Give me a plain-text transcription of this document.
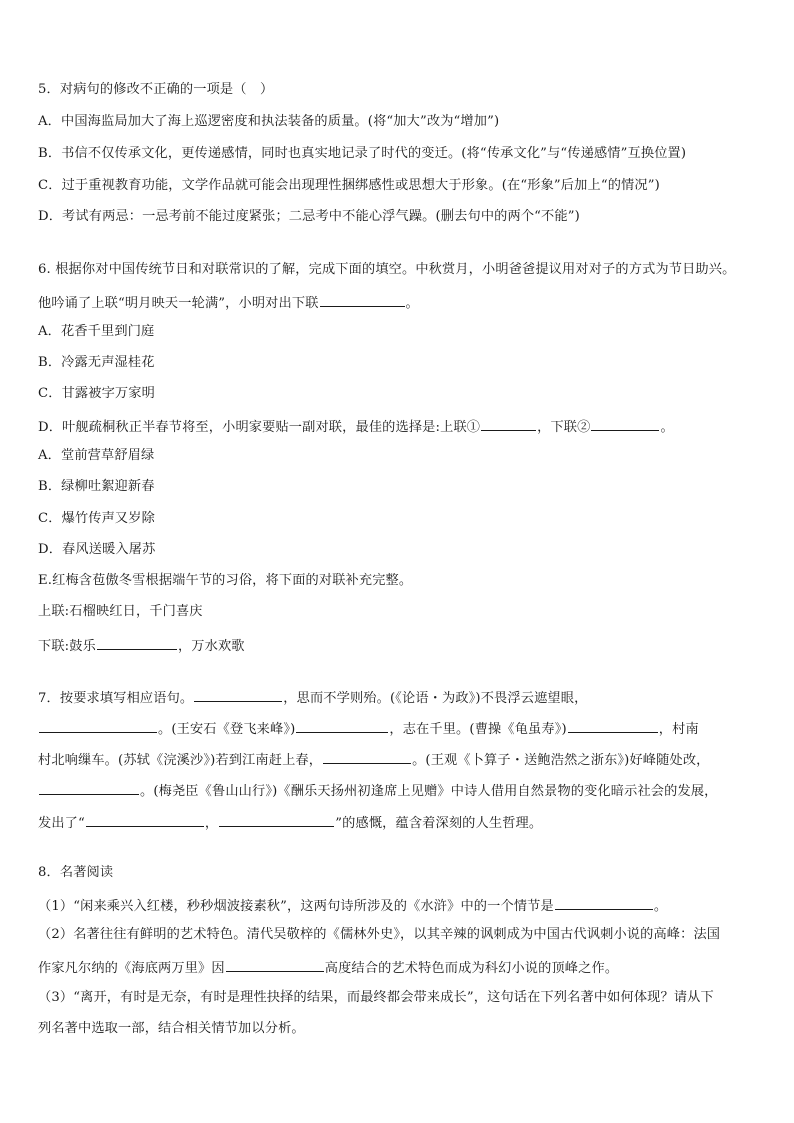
5．对病句的修改不正确的一项是（　）
A．中国海监局加大了海上巡逻密度和执法装备的质量。(将“加大”改为“增加”)
B．书信不仅传承文化，更传递感情，同时也真实地记录了时代的变迁。(将“传承文化”与“传递感情”互换位置)
C．过于重视教育功能，文学作品就可能会出现理性捆绑感性或思想大于形象。(在“形象”后加上“的情况”)
D．考试有两忌：一忌考前不能过度紧张；二忌考中不能心浮气躁。(删去句中的两个“不能”)
6. 根据你对中国传统节日和对联常识的了解，完成下面的填空。中秋赏月，小明爸爸提议用对对子的方式为节日助兴。
他吟诵了上联“明月映天一轮满”，小明对出下联	。
A．花香千里到门庭
B．冷露无声湿桂花
C．甘露被字万家明
D．叶舰疏桐秋正半春节将至，小明家要贴一副对联，最佳的选择是:上联①	，下联②	。
A．堂前营草舒眉绿
B．绿柳吐絮迎新春
C．爆竹传声又岁除
D．春风送暖入屠苏
E.红梅含苞傲冬雪根据端午节的习俗，将下面的对联补充完整。
上联:石榴映红日，千门喜庆
下联:鼓乐	，万水欢歌
7．按要求填写相应语句。	，思而不学则殆。(《论语・为政》)不畏浮云遮望眼，
。(王安石《登飞来峰》)	，志在千里。(曹操《龟虽寿》)	，村南
村北响缫车。(苏轼《浣溪沙》)若到江南赶上春，	。(王观《卜算子・送鲍浩然之浙东》)好峰随处改，
。(梅尧臣《鲁山山行》)《酬乐天扬州初逢席上见赠》中诗人借用自然景物的变化暗示社会的发展，
发出了“	，	”的感慨，蕴含着深刻的人生哲理。
8．名著阅读
（1）“闲来乘兴入红楼，秒秒烟波接素秋”，这两句诗所涉及的《水浒》中的一个情节是	。
（2）名著往往有鲜明的艺术特色。清代吴敬梓的《儒林外史》，以其辛辣的讽刺成为中国古代讽刺小说的高峰：法国
作家凡尔纳的《海底两万里》因	高度结合的艺术特色而成为科幻小说的顶峰之作。
（3）“离开，有时是无奈，有时是理性抉择的结果，而最终都会带来成长”，这句话在下列名著中如何体现？请从下
列名著中选取一部，结合相关情节加以分析。
